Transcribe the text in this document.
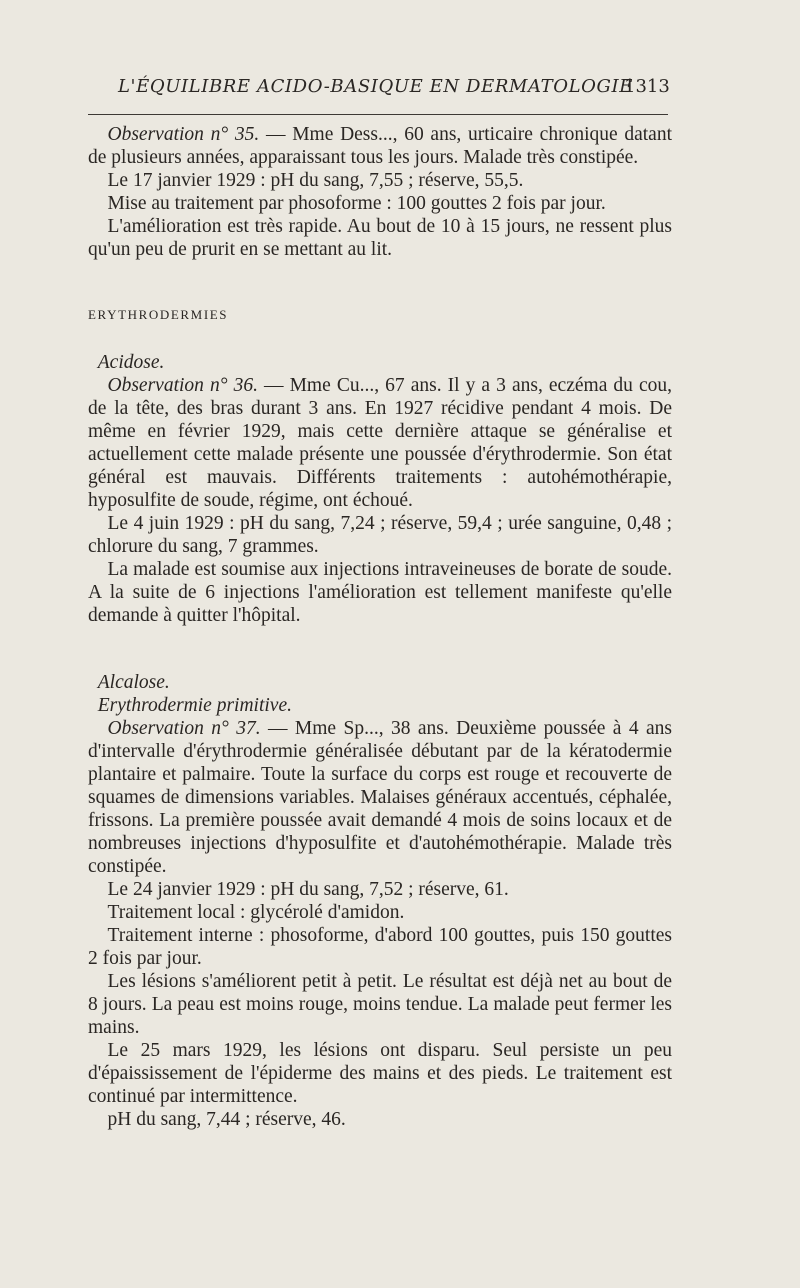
L'ÉQUILIBRE ACIDO-BASIQUE EN DERMATOLOGIE
1313

 Observation n° 35. — Mme Dess..., 60 ans, urticaire chronique datant de plusieurs années, apparaissant tous les jours. Malade très constipée.

 Le 17 janvier 1929 : pH du sang, 7,55 ; réserve, 55,5.

 Mise au traitement par phosoforme : 100 gouttes 2 fois par jour.

 L'amélioration est très rapide. Au bout de 10 à 15 jours, ne ressent plus qu'un peu de prurit en se mettant au lit.

ERYTHRODERMIES

 Acidose.

 Observation n° 36. — Mme Cu..., 67 ans. Il y a 3 ans, eczéma du cou, de la tête, des bras durant 3 ans. En 1927 récidive pendant 4 mois. De même en février 1929, mais cette dernière attaque se généralise et actuellement cette malade présente une poussée d'érythrodermie. Son état général est mauvais. Différents traitements : autohémothérapie, hyposulfite de soude, régime, ont échoué.

 Le 4 juin 1929 : pH du sang, 7,24 ; réserve, 59,4 ; urée sanguine, 0,48 ; chlorure du sang, 7 grammes.

 La malade est soumise aux injections intraveineuses de borate de soude. A la suite de 6 injections l'amélioration est tellement manifeste qu'elle demande à quitter l'hôpital.

 Alcalose.

 Erythrodermie primitive.

 Observation n° 37. — Mme Sp..., 38 ans. Deuxième poussée à 4 ans d'intervalle d'érythrodermie généralisée débutant par de la kératodermie plantaire et palmaire. Toute la surface du corps est rouge et recouverte de squames de dimensions variables. Malaises généraux accentués, céphalée, frissons. La première poussée avait demandé 4 mois de soins locaux et de nombreuses injections d'hyposulfite et d'autohémothérapie. Malade très constipée.

 Le 24 janvier 1929 : pH du sang, 7,52 ; réserve, 61.

 Traitement local : glycérolé d'amidon.

 Traitement interne : phosoforme, d'abord 100 gouttes, puis 150 gouttes 2 fois par jour.

 Les lésions s'améliorent petit à petit. Le résultat est déjà net au bout de 8 jours. La peau est moins rouge, moins tendue. La malade peut fermer les mains.

 Le 25 mars 1929, les lésions ont disparu. Seul persiste un peu d'épaississement de l'épiderme des mains et des pieds. Le traitement est continué par intermittence.

 pH du sang, 7,44 ; réserve, 46.
